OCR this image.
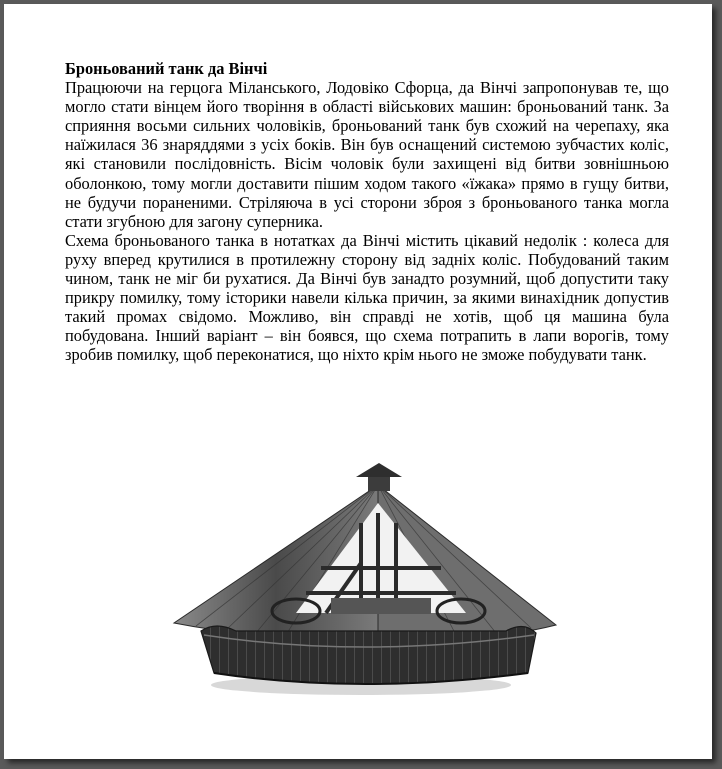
Броньований танк да Вінчі

Працюючи на герцога Міланського, Лодовіко Сфорца, да Вінчі запропонував те, що могло стати вінцем його творіння в області військових машин: броньований танк. За сприяння восьми сильних чоловіків, броньований танк був схожий на черепаху, яка наїжилася 36 знаряддями з усіх боків. Він був оснащений системою зубчастих коліс, які становили послідовність. Вісім чоловік були захищені від битви зовнішньою оболонкою, тому могли доставити пішим ходом такого «їжака» прямо в гущу битви, не будучи пораненими. Стріляюча в усі сторони зброя з броньованого танка могла стати згубною для загону суперника.

Схема броньованого танка в нотатках да Вінчі містить цікавий недолік : колеса для руху вперед крутилися в протилежну сторону від задніх коліс. Побудований таким чином, танк не міг би рухатися. Да Вінчі був занадто розумний, щоб допустити таку прикру помилку, тому історики навели кілька причин, за якими винахідник допустив такий промах свідомо. Можливо, він справді не хотів, щоб ця машина була побудована. Інший варіант – він боявся, що схема потрапить в лапи ворогів, тому зробив помилку, щоб переконатися, що ніхто крім нього не зможе побудувати танк.
